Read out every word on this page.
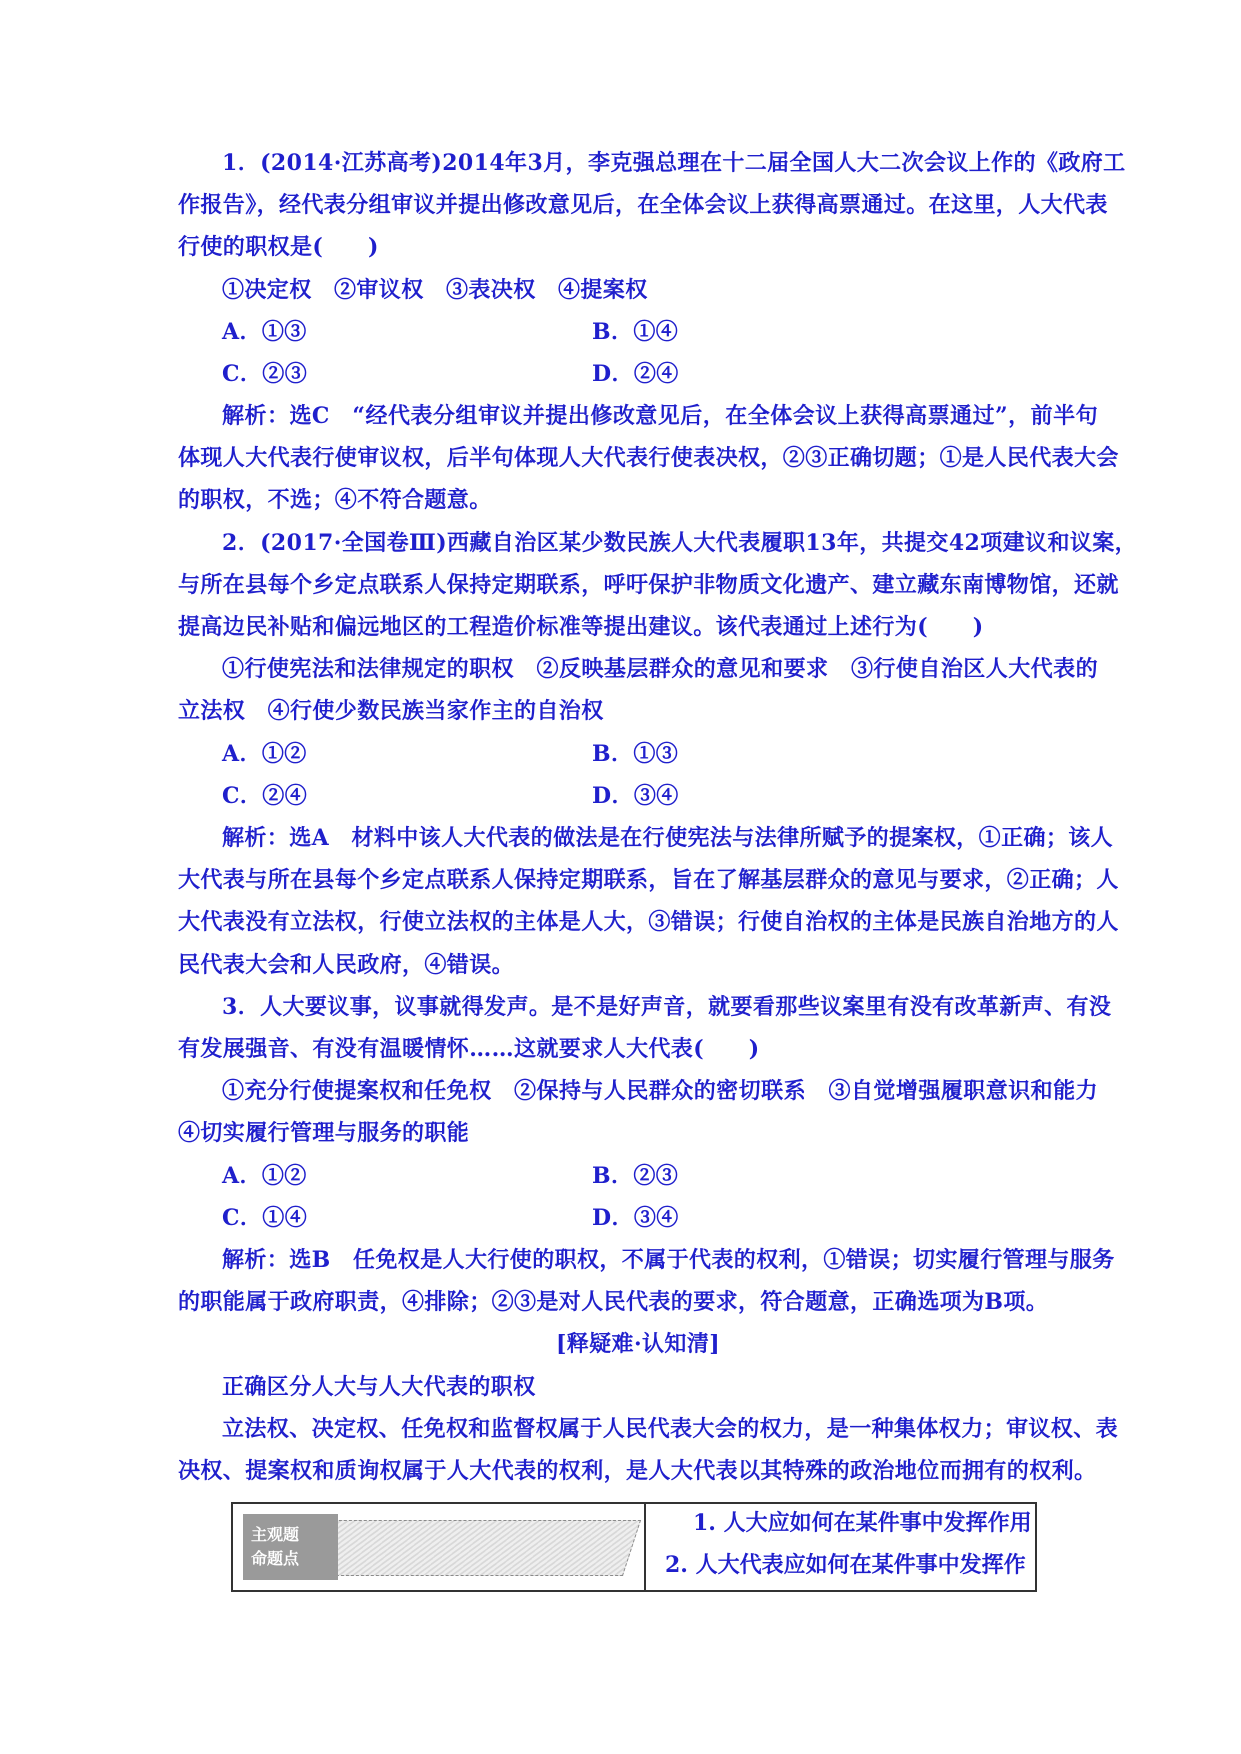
1．(2014·江苏高考)2014年3月，李克强总理在十二届全国人大二次会议上作的《政府工
作报告》，经代表分组审议并提出修改意见后，在全体会议上获得高票通过。在这里，人大代表
行使的职权是(　　)
①决定权　②审议权　③表决权　④提案权
A．①③	B．①④
C．②③	D．②④
解析：选C　“经代表分组审议并提出修改意见后，在全体会议上获得高票通过”，前半句
体现人大代表行使审议权，后半句体现人大代表行使表决权，②③正确切题；①是人民代表大会
的职权，不选；④不符合题意。
2．(2017·全国卷Ⅲ)西藏自治区某少数民族人大代表履职13年，共提交42项建议和议案，
与所在县每个乡定点联系人保持定期联系，呼吁保护非物质文化遗产、建立藏东南博物馆，还就
提高边民补贴和偏远地区的工程造价标准等提出建议。该代表通过上述行为(　　)
①行使宪法和法律规定的职权　②反映基层群众的意见和要求　③行使自治区人大代表的
立法权　④行使少数民族当家作主的自治权
A．①②	B．①③
C．②④	D．③④
解析：选A　材料中该人大代表的做法是在行使宪法与法律所赋予的提案权，①正确；该人
大代表与所在县每个乡定点联系人保持定期联系，旨在了解基层群众的意见与要求，②正确；人
大代表没有立法权，行使立法权的主体是人大，③错误；行使自治权的主体是民族自治地方的人
民代表大会和人民政府，④错误。
3．人大要议事，议事就得发声。是不是好声音，就要看那些议案里有没有改革新声、有没
有发展强音、有没有温暖情怀……这就要求人大代表(　　)
①充分行使提案权和任免权　②保持与人民群众的密切联系　③自觉增强履职意识和能力
④切实履行管理与服务的职能
A．①②	B．②③
C．①④	D．③④
解析：选B　任免权是人大行使的职权，不属于代表的权利，①错误；切实履行管理与服务
的职能属于政府职责，④排除；②③是对人民代表的要求，符合题意，正确选项为B项。
[释疑难·认知清]
正确区分人大与人大代表的职权
立法权、决定权、任免权和监督权属于人民代表大会的权力，是一种集体权力；审议权、表
决权、提案权和质询权属于人大代表的权利，是人大代表以其特殊的政治地位而拥有的权利。
主观题
命题点
1. 人大应如何在某件事中发挥作用
2. 人大代表应如何在某件事中发挥作
